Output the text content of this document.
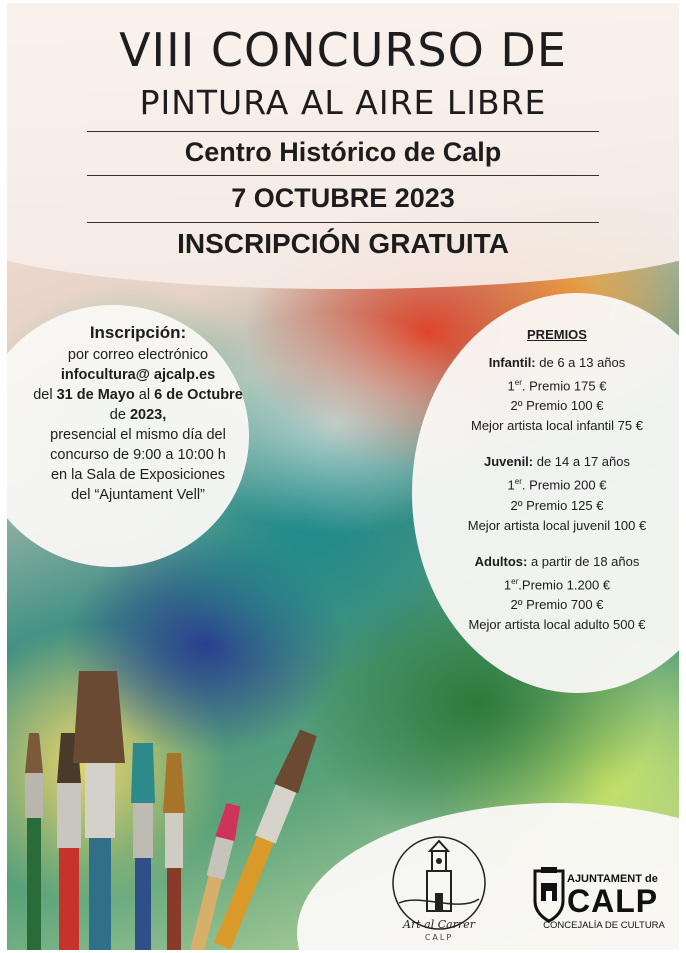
VIII CONCURSO DE
PINTURA AL AIRE LIBRE
Centro Histórico de Calp
7 OCTUBRE 2023
INSCRIPCIÓN GRATUITA
Inscripción:
por correo electrónico
infocultura@ ajcalp.es
del 31 de Mayo al 6 de Octubre
de 2023,
presencial el mismo día del
concurso de 9:00 a 10:00 h
en la Sala de Exposiciones
del “Ajuntament Vell”
PREMIOS
Infantil: de 6 a 13 años
1er. Premio 175 €
2º Premio 100 €
Mejor artista local infantil 75 €
Juvenil: de 14 a 17 años
1er. Premio 200 €
2º Premio 125 €
Mejor artista local juvenil 100 €
Adultos: a partir de 18 años
1er.Premio 1.200 €
2º Premio 700 €
Mejor artista local adulto 500 €
Art al Carrer
CALP
AJUNTAMENT de
CALP
CONCEJALÍA DE CULTURA
